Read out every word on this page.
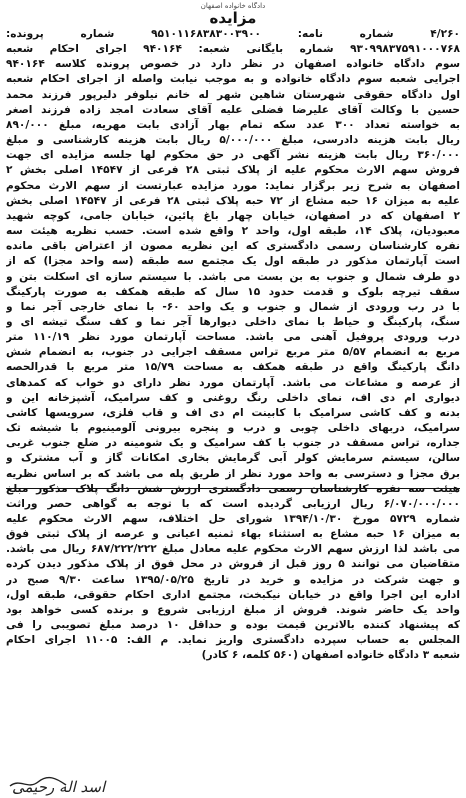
دادگاه خانواده اصفهان
مزایده
۴/۲۶۰ شماره نامه: ۹۵۱۰۱۱۶۸۳۸۳۰۰۳۹۰۰ شماره پرونده:
۹۳۰۹۹۸۳۷۵۹۱۰۰۰۷۶۸ شماره بایگانی شعبه: ۹۴۰۱۶۴ اجرای احکام شعبه
سوم دادگاه خانواده اصفهان در نظر دارد در خصوص پرونده کلاسه ۹۴۰۱۶۴
اجرایی شعبه سوم دادگاه خانواده و به موجب نیابت واصله از اجرای احکام شعبه
اول دادگاه حقوقی شهرستان شاهین شهر له خانم نیلوفر دلیرپور فرزند محمد
حسین با وکالت آقای علیرضا فضلی علیه آقای سعادت امجد زاده فرزند اصغر
به خواسته تعداد ۳۰۰ عدد سکه تمام بهار آزادی بابت مهریه، مبلغ ۸۹۰/۰۰۰
ریال بابت هزینه دادرسی، مبلغ ۵/۰۰۰/۰۰۰ ریال بابت هزینه کارشناسی و مبلغ
۳۶۰/۰۰۰ ریال بابت هزینه نشر آگهی در حق محکوم لها جلسه مزایده ای جهت
فروش سهم الارث محکوم علیه از پلاک ثبتی ۲۸ فرعی از ۱۴۵۴۷ اصلی بخش ۲
اصفهان به شرح زیر برگزار نماید: مورد مزایده عبارتست از سهم الارث محکوم
علیه به میزان ۱۶ حبه مشاع از ۷۲ حبه پلاک ثبتی ۲۸ فرعی از ۱۴۵۴۷ اصلی بخش
۲ اصفهان که در اصفهان، خیابان چهار باغ پائین، خیابان جامی، کوچه شهید
معبودیان، پلاک ۱۴، طبقه اول، واحد ۲ واقع شده است. حسب نظریه هیئت سه
نفره کارشناسان رسمی دادگستری که این نظریه مصون از اعتراض باقی مانده
است آپارتمان مذکور در طبقه اول یک مجتمع سه طبقه (سه واحد مجزا) که از
دو طرف شمال و جنوب به بن بست می باشد. با سیستم سازه ای اسکلت بتن و
سقف تیرچه بلوک و قدمت حدود ۱۵ سال که طبقه همکف به صورت پارکینگ
با در رب ورودی از شمال و جنوب و یک واحد ۶۰- با نمای خارجی آجر نما و
سنگ، پارکینگ و حیاط با نمای داخلی دیوارها آجر نما و کف سنگ تیشه ای و
درب ورودی پروفیل آهنی می باشد. مساحت آپارتمان مورد نظر ۱۱۰/۱۹ متر
مربع به انضمام ۵/۵۷ متر مربع تراس مسقف اجرایی در جنوب، به انضمام شش
دانگ پارکینگ واقع در طبقه همکف به مساحت ۱۵/۷۹ متر مربع با قدرالحصه
از عرصه و مشاعات می باشد. آپارتمان مورد نظر دارای دو خواب که کمدهای
دیواری ام دی اف، نمای داخلی رنگ روغنی و کف سرامیک، آشپزخانه این و
بدنه و کف کاشی سرامیک با کابینت ام دی اف و قاب فلزی، سرویسها کاشی
سرامیک، دربهای داخلی چوبی و درب و پنجره بیرونی آلومینیوم با شیشه تک
جداره، تراس مسقف در جنوب با کف سرامیک و یک شومینه در ضلع جنوب غربی
سالن، سیستم سرمایش کولر آبی گرمایش بخاری امکانات گاز و آب مشترک و
برق مجزا و دسترسی به واحد مورد نظر از طریق پله می باشد که بر اساس نظریه
هیئت سه نفره کارشناسان رسمی دادگستری ارزش شش دانگ پلاک مذکور مبلغ
۶/۰۷۰/۰۰۰/۰۰۰ ریال ارزیابی گردیده است که با توجه به گواهی حصر وراثت
شماره ۵۷۲۹ مورخ ۱۳۹۴/۱۰/۳۰ شورای حل اختلاف، سهم الارث محکوم علیه
به میزان ۱۶ حبه مشاع به استثناء بهاء ثمنیه اعیانی و عرصه از پلاک ثبتی فوق
می باشد لذا ارزش سهم الارث محکوم علیه معادل مبلغ ۶۸۷/۲۲۲/۲۲۲ ریال می باشد.
متقاضیان می توانند ۵ روز قبل از فروش در محل فوق از پلاک مذکور دیدن کرده
و جهت شرکت در مزایده و خرید در تاریخ ۱۳۹۵/۰۵/۲۵ ساعت ۹/۳۰ صبح در
اداره این اجرا واقع در خیابان نیکبخت، مجتمع اداری احکام حقوقی، طبقه اول،
واحد یک حاضر شوند. فروش از مبلغ ارزیابی شروع و برنده کسی خواهد بود
که پیشنهاد کننده بالاترین قیمت بوده و حداقل ۱۰ درصد مبلغ تصویبی را فی
المجلس به حساب سپرده دادگستری واریز نماید. م الف: ۱۱۰۰۵ اجرای احکام
شعبه ۳ دادگاه خانواده اصفهان (۵۶۰ کلمه، ۶ کادر)
اسد اله رحیمی
